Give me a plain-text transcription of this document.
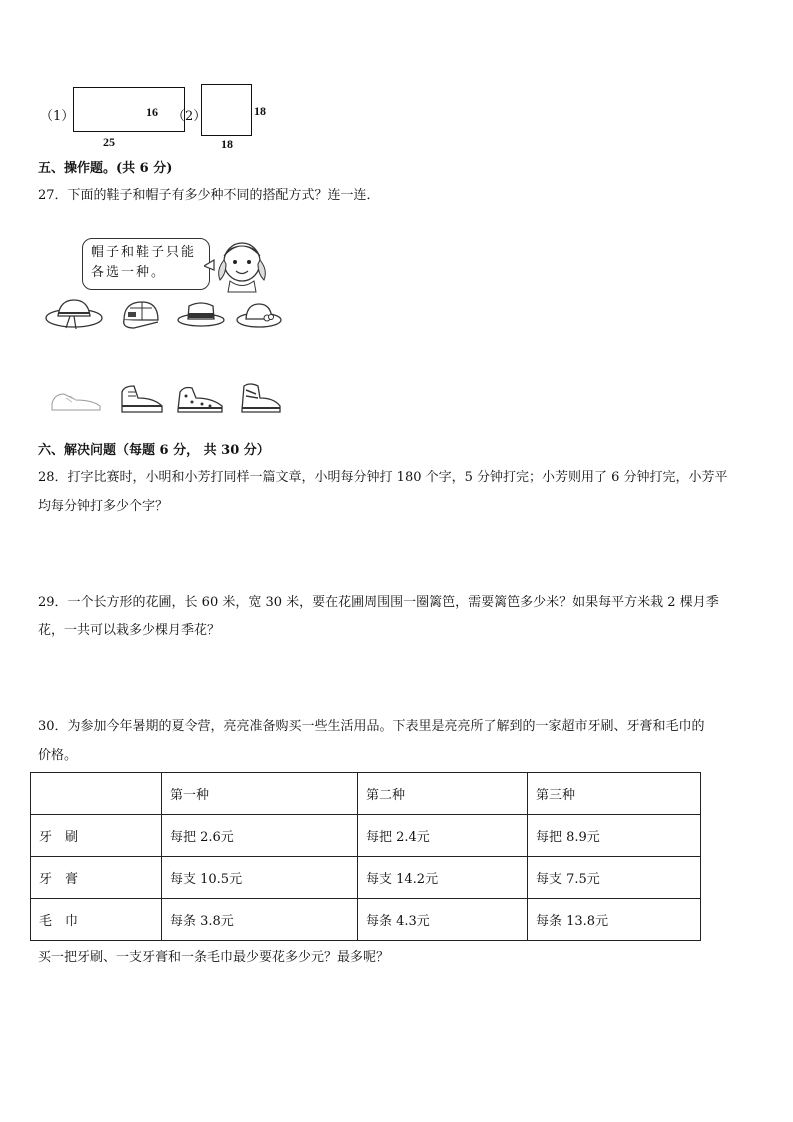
（1）	16
25
（2）	18
18
五、操作题。(共 6 分)
27．下面的鞋子和帽子有多少种不同的搭配方式？连一连．
帽子和鞋子只能
各选一种。
六、解决问题（每题 6 分， 共 30 分）
28．打字比赛时，小明和小芳打同样一篇文章，小明每分钟打 180 个字，5 分钟打完；小芳则用了 6 分钟打完，小芳平
均每分钟打多少个字？
29．一个长方形的花圃，长 60 米，宽 30 米，要在花圃周围围一圈篱笆，需要篱笆多少米？如果每平方米栽 2 棵月季
花，一共可以栽多少棵月季花？
30．为参加今年暑期的夏令营，亮亮准备购买一些生活用品。下表里是亮亮所了解到的一家超市牙刷、牙膏和毛巾的
价格。
	第一种	第二种	第三种
牙　刷	每把 2.6元	每把 2.4元	每把 8.9元
牙　膏	每支 10.5元	每支 14.2元	每支 7.5元
毛　巾	每条 3.8元	每条 4.3元	每条 13.8元
买一把牙刷、一支牙膏和一条毛巾最少要花多少元？最多呢？
